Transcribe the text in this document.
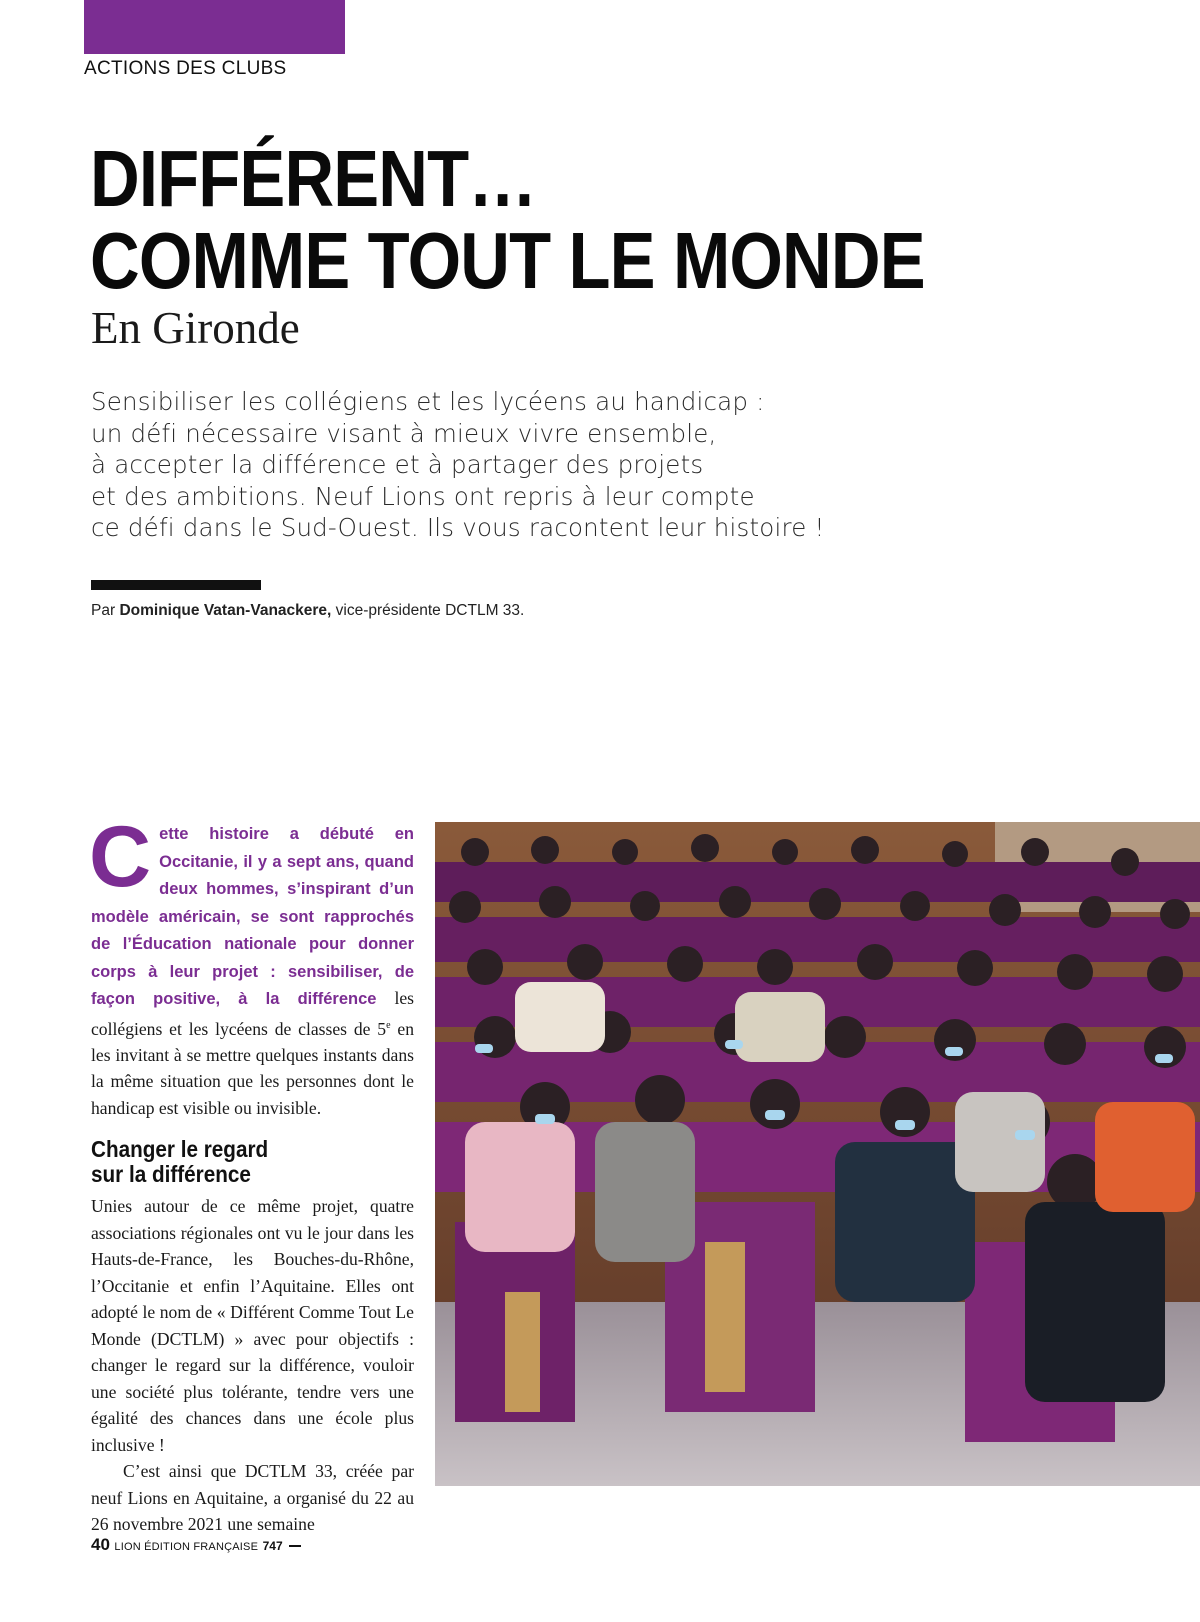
ACTIONS DES CLUBS
DIFFÉRENT…
COMME TOUT LE MONDE
En Gironde
Sensibiliser les collégiens et les lycéens au handicap :
un défi nécessaire visant à mieux vivre ensemble,
à accepter la différence et à partager des projets
et des ambitions. Neuf Lions ont repris à leur compte
ce défi dans le Sud-Ouest. Ils vous racontent leur histoire !
Par Dominique Vatan-Vanackere, vice-présidente DCTLM 33.

Cette histoire a débuté en Occitanie, il y a sept ans, quand deux hommes, s’inspirant d’un modèle américain, se sont rapprochés de l’Éducation nationale pour donner corps à leur projet : sensibiliser, de façon positive, à la différence les collégiens et les lycéens de classes de 5e en les invitant à se mettre quelques instants dans la même situation que les personnes dont le handicap est visible ou invisible.

Changer le regard
sur la différence

Unies autour de ce même projet, quatre associations régionales ont vu le jour dans les Hauts-de-France, les Bouches-du-Rhône, l’Occitanie et enfin l’Aquitaine. Elles ont adopté le nom de « Différent Comme Tout Le Monde (DCTLM) » avec pour objectifs : changer le regard sur la différence, vouloir une société plus tolérante, tendre vers une égalité des chances dans une école plus inclusive !

C’est ainsi que DCTLM 33, créée par neuf Lions en Aquitaine, a organisé du 22 au 26 novembre 2021 une semaine

40 LION ÉDITION FRANÇAISE 747
